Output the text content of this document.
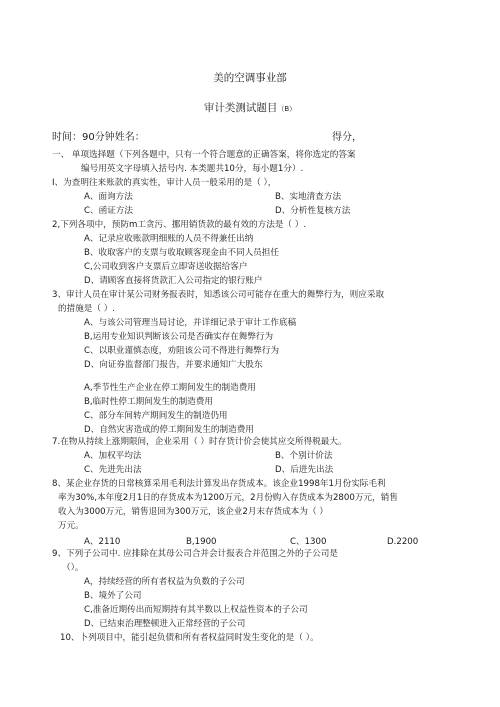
美的空调事业部
审计类测试题目（B）
时间：90分钟姓名：	得分，
一、 单项选择题（下列各题中，只有一个符合题意的正确答案，将你选定的答案
编号用英文字母填入括号内. 本类题共10分，每小题1分）.
I、为查明往来账款的真实性，审计人员一般采用的是（ ），
A、面询方法	B、实地清查方法
C、函证方法	D、分析性复核方法
2,下列各项中，预防m工贪污、挪用销货款的最有效的方法是（ ）.
A、记录应收账款明细账的人员不得兼任出纳
B、收取客户的支票与收取顾客现金由不同人员担任
C,公司收到客户支票后立即寄送收据给客户
D、请顾客直接将货款汇入公司指定的银行账户
3、审计人员在审计某公司财务报表时，知悉该公司可能存在重大的舞弊行为，则应采取
的措施是（ ）.
A、与该公司管理当局讨论，并详细记录于审计工作底稿
B,运用专业知识判断该公司是否确实存在舞弊行为
C、以职业谨慎态度，劝阻该公司不得进行舞弊行为
D、向证券监督部门报告，并要求通知广大股东
A,季节性生产企业在停工期间发生的制造费用
B,临时性停工期间发生的制造费用
C、部分车间转产期间发生的制造仍用
D、自然灾害造成的停工期间发生的制造费用
7.在物从持续上涨期限间，企业采用（ ）时存货计价会使其应交所得税最大。
A、加权平均法	B、个别计价法
C、先进先出法	D、后进先出法
8、某企业存货的日常核算采用毛利法计算发出存货成本。该企业1998年1月份实际毛利
率为30%,本年度2月1日的存货成本为1200万元，2月份购入存货成本为2800万元，销售
收入为3000万元，销售退回为300万元，该企业2月末存货成本为（ ）
万元。
A、2110	B,1900	C、1300	D.2200
9、下列子公司中. 应排除在其母公司合并会计报表合并范围之外的子公司是
（）。
A，持续经营的所有者权益为负数的子公司
B、境外了公司
C,准备近期传出而短期持有其半数以上权益性资本的子公司
D、已结束治理整顿进入正常经营的子公司
10、卜列项目中，能引起负债和所有者权益同时发生变化的是（ ）。
